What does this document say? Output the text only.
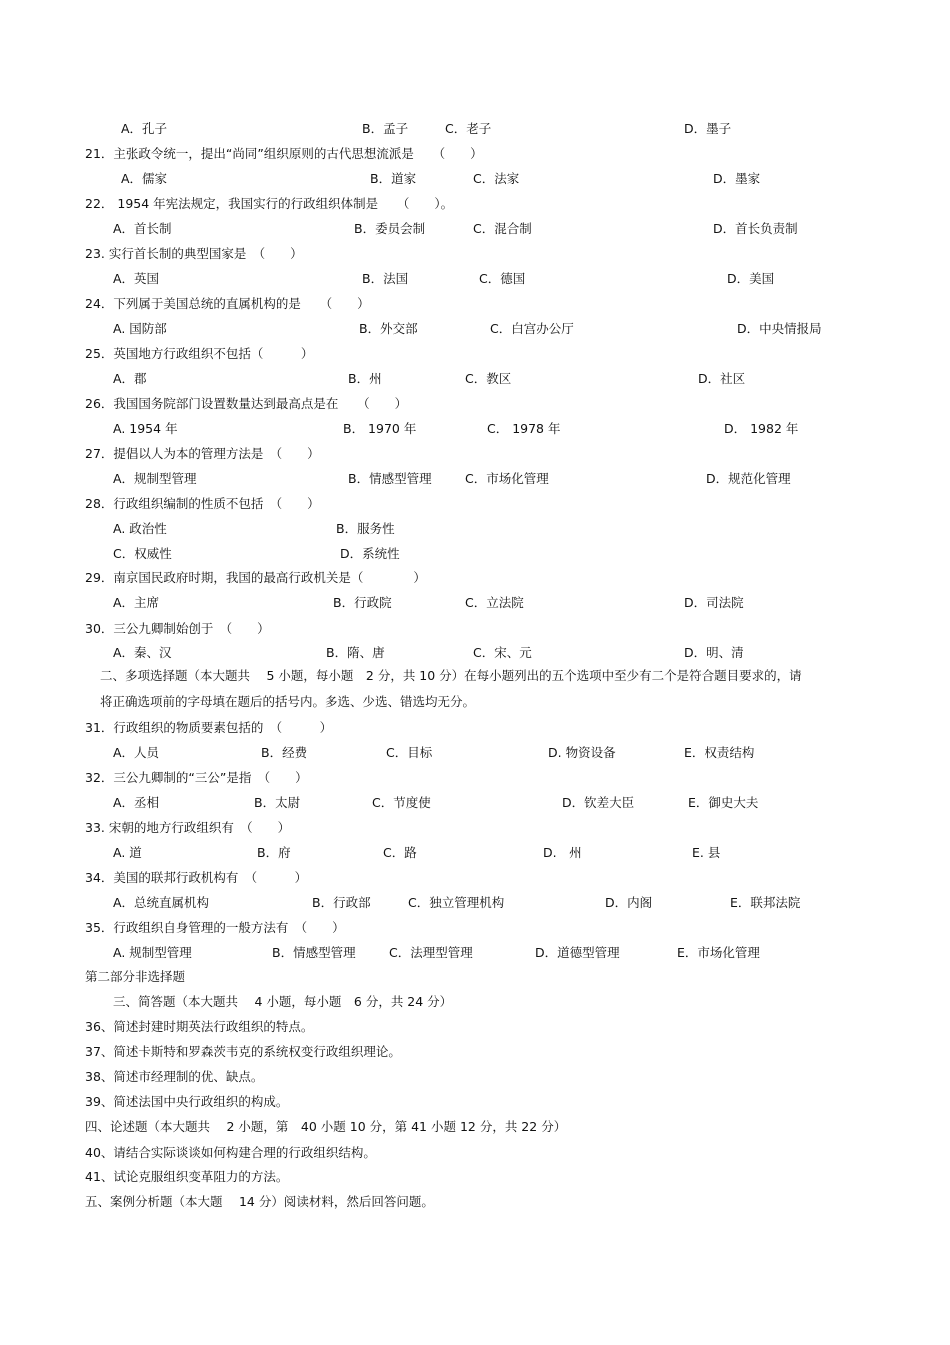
A．孔子	B．孟子	C．老子	D．墨子
21．主张政令统一，提出“尚同”组织原则的古代思想流派是　　（　　）
A．儒家	B．道家	C．法家	D．墨家
22． 1954 年宪法规定，我国实行的行政组织体制是　　（　　）。
A．首长制	B．委员会制	C．混合制	D．首长负责制
23. 实行首长制的典型国家是　（　　）
A．英国	B．法国	C．德国	D．美国
24．下列属于美国总统的直属机构的是　　（　　）
A. 国防部	B．外交部	C．白宫办公厅	D．中央情报局
25．英国地方行政组织不包括（　　　）
A．郡	B．州	C．教区	D．社区
26．我国国务院部门设置数量达到最高点是在　　（　　）
A. 1954 年	B． 1970 年	C． 1978 年	D． 1982 年
27．提倡以人为本的管理方法是　（　　）
A．规制型管理	B．情感型管理	C．市场化管理	D．规范化管理
28．行政组织编制的性质不包括　（　　）
A. 政治性	B．服务性
C．权威性	D．系统性
29．南京国民政府时期，我国的最高行政机关是（　　　　）
A．主席	B．行政院	C．立法院	D．司法院
30．三公九卿制始创于　（　　）
A．秦、汉	B．隋、唐	C．宋、元	D．明、清
二、多项选择题（本大题共　 5 小题，每小题　2 分，共 10 分）在每小题列出的五个选项中至少有二个是符合题目要求的，请
将正确选项前的字母填在题后的括号内。多选、少选、错选均无分。
31．行政组织的物质要素包括的　（　　　）
A．人员	B．经费	C．目标	D. 物资设备	E．权责结构
32．三公九卿制的“三公”是指　（　　）
A．丞相	B．太尉	C．节度使	D．钦差大臣	E．御史大夫
33. 宋朝的地方行政组织有　（　　）
A. 道	B．府	C．路	D.　州	E. 县
34．美国的联邦行政机构有　（　　　）
A．总统直属机构	B．行政部	C．独立管理机构	D．内阁	E．联邦法院
35．行政组织自身管理的一般方法有　（　　）
A. 规制型管理	B．情感型管理	C．法理型管理	D．道德型管理	E．市场化管理
第二部分非选择题
三、简答题（本大题共　 4 小题，每小题　6 分，共 24 分）
36、简述封建时期英法行政组织的特点。
37、简述卡斯特和罗森茨韦克的系统权变行政组织理论。
38、简述市经理制的优、缺点。
39、简述法国中央行政组织的构成。
四、论述题（本大题共　 2 小题，第　40 小题 10 分，第 41 小题 12 分，共 22 分）
40、请结合实际谈谈如何构建合理的行政组织结构。
41、试论克服组织变革阻力的方法。
五、案例分析题（本大题　 14 分）阅读材料，然后回答问题。
